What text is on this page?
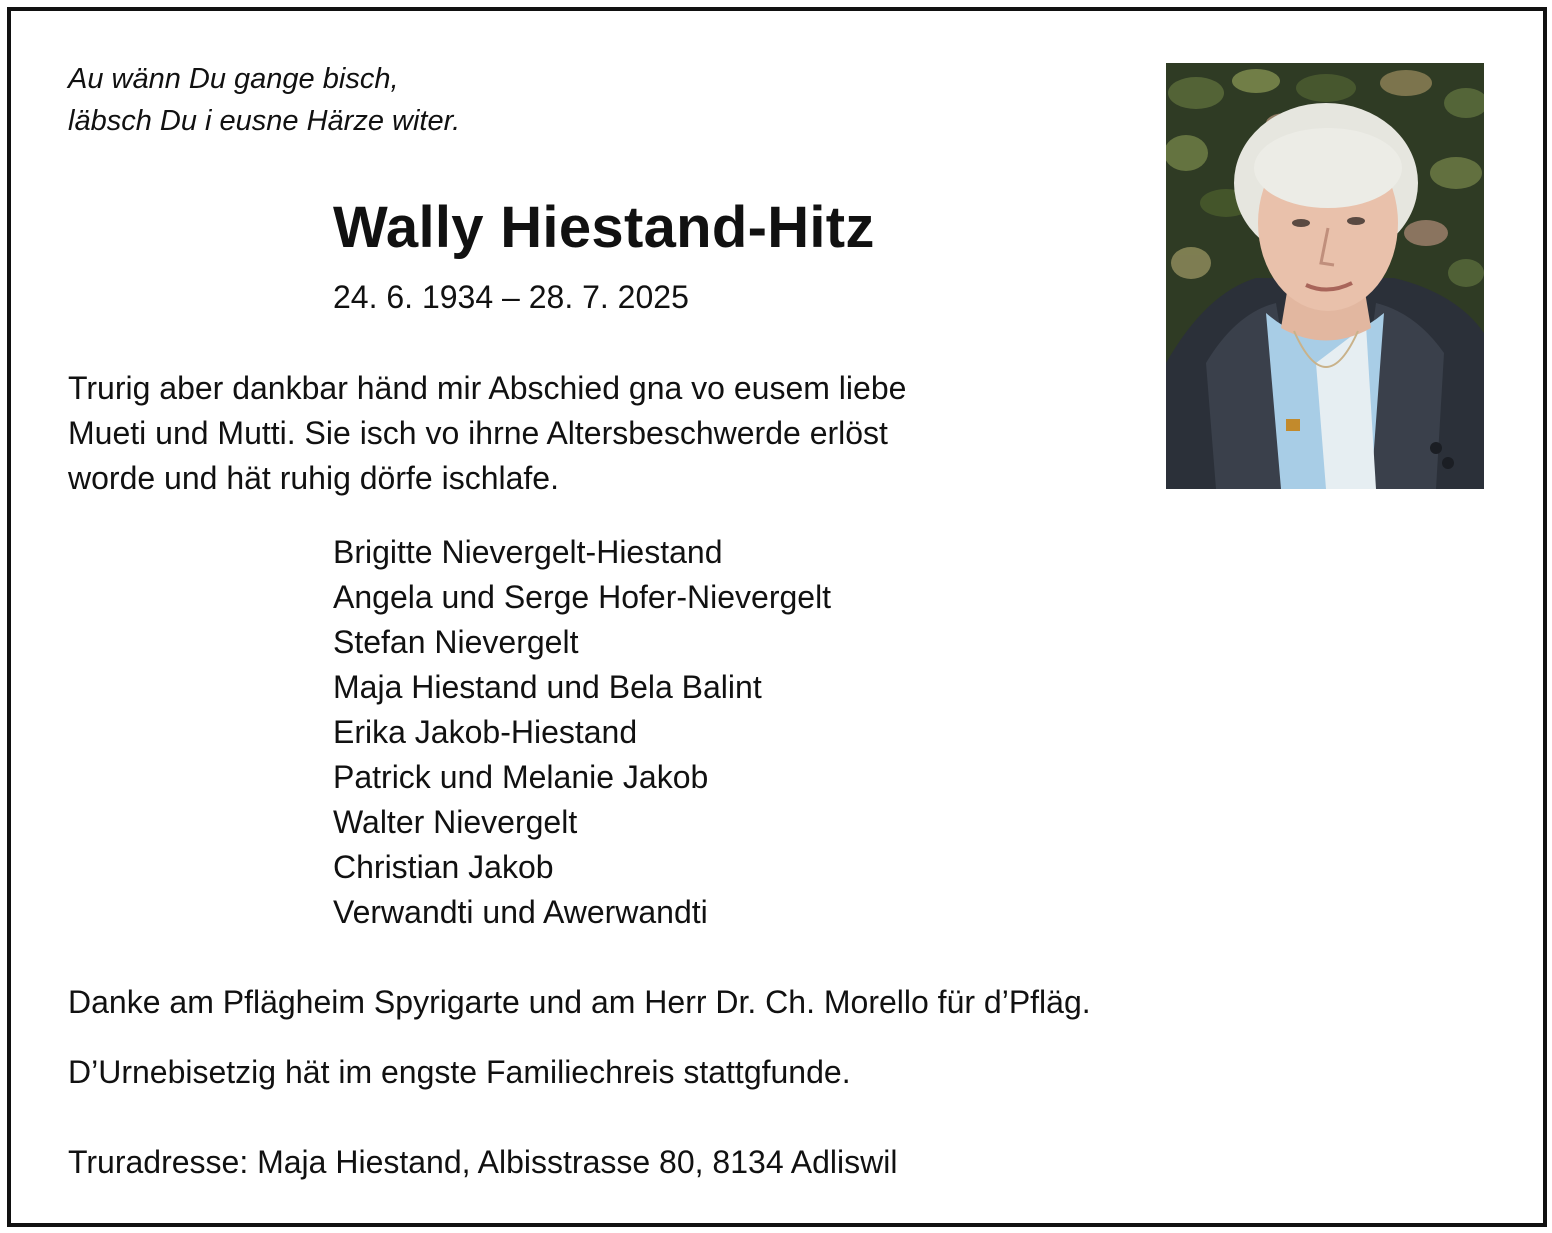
Au wänn Du gange bisch,
läbsch Du i eusne Härze witer.
Wally Hiestand-Hitz

24. 6. 1934 – 28. 7. 2025

Trurig aber dankbar händ mir Abschied gna vo eusem liebe
Mueti und Mutti. Sie isch vo ihrne Altersbeschwerde erlöst
worde und hät ruhig dörfe ischlafe.
Brigitte Nievergelt-Hiestand
Angela und Serge Hofer-Nievergelt
Stefan Nievergelt
Maja Hiestand und Bela Balint
Erika Jakob-Hiestand
Patrick und Melanie Jakob
Walter Nievergelt
Christian Jakob
Verwandti und Awerwandti

Danke am Pflägheim Spyrigarte und am Herr Dr. Ch. Morello für d’Pfläg.

D’Urnebisetzig hät im engste Familiechreis stattgfunde.

Truradresse: Maja Hiestand, Albisstrasse 80, 8134 Adliswil
